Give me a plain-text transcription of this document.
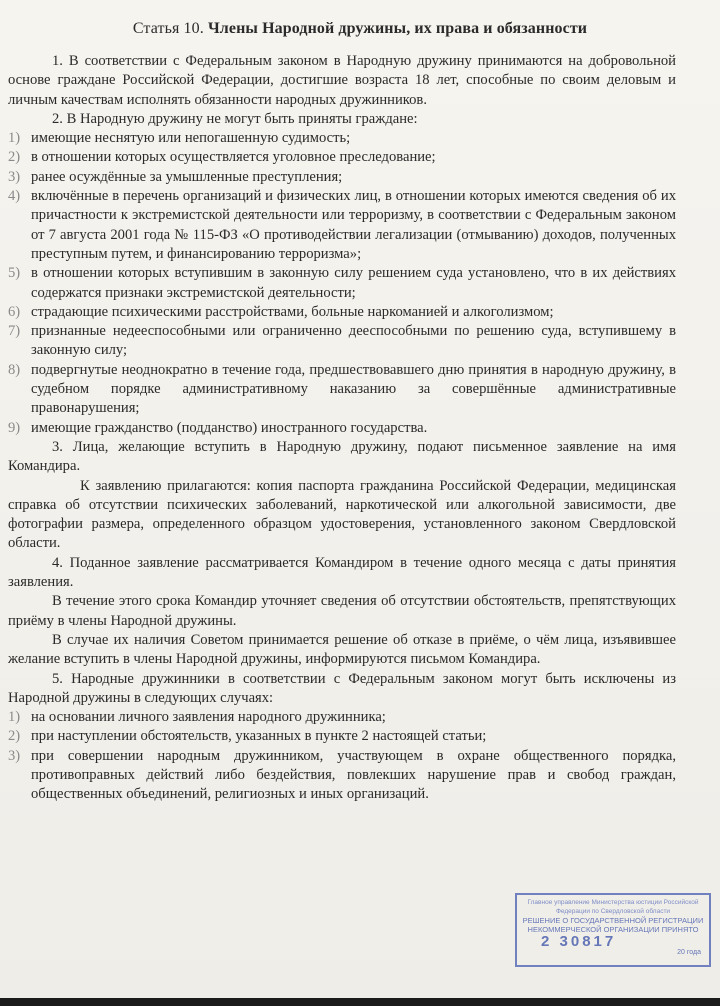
Статья 10. Члены Народной дружины, их права и обязанности

1. В соответствии с Федеральным законом в Народную дружину принимаются на добровольной основе граждане Российской Федерации, достигшие возраста 18 лет, способные по своим деловым и личным качествам исполнять обязанности народных дружинников.

2. В Народную дружину не могут быть приняты граждане:

1) имеющие неснятую или непогашенную судимость;
2) в отношении которых осуществляется уголовное преследование;
3) ранее осуждённые за умышленные преступления;
4) включённые в перечень организаций и физических лиц, в отношении которых имеются сведения об их причастности к экстремистской деятельности или терроризму, в соответствии с Федеральным законом от 7 августа 2001 года № 115-ФЗ «О противодействии легализации (отмыванию) доходов, полученных преступным путем, и финансированию терроризма»;
5) в отношении которых вступившим в законную силу решением суда установлено, что в их действиях содержатся признаки экстремистской деятельности;
6) страдающие психическими расстройствами, больные наркоманией и алкоголизмом;
7) признанные недееспособными или ограниченно дееспособными по решению суда, вступившему в законную силу;
8) подвергнутые неоднократно в течение года, предшествовавшего дню принятия в народную дружину, в судебном порядке административному наказанию за совершённые административные правонарушения;
9) имеющие гражданство (подданство) иностранного государства.

3. Лица, желающие вступить в Народную дружину, подают письменное заявление на имя Командира.

К заявлению прилагаются: копия паспорта гражданина Российской Федерации, медицинская справка об отсутствии психических заболеваний, наркотической или алкогольной зависимости, две фотографии размера, определенного образцом удостоверения, установленного законом Свердловской области.

4. Поданное заявление рассматривается Командиром в течение одного месяца с даты принятия заявления.

В течение этого срока Командир уточняет сведения об отсутствии обстоятельств, препятствующих приёму в члены Народной дружины.

В случае их наличия Советом принимается решение об отказе в приёме, о чём лица, изъявившее желание вступить в члены Народной дружины, информируются письмом Командира.

5. Народные дружинники в соответствии с Федеральным законом могут быть исключены из Народной дружины в следующих случаях:

1) на основании личного заявления народного дружинника;
2) при наступлении обстоятельств, указанных в пункте 2 настоящей статьи;
3) при совершении народным дружинником, участвующем в охране общественного порядка, противоправных действий либо бездействия, повлекших нарушение прав и свобод граждан, общественных объединений, религиозных и иных организаций.
Главное управление Министерства юстиции Российской Федерации по Свердловской области
РЕШЕНИЕ О ГОСУДАРСТВЕННОЙ РЕГИСТРАЦИИ НЕКОММЕРЧЕСКОЙ ОРГАНИЗАЦИИ ПРИНЯТО
2 30817
20 года
